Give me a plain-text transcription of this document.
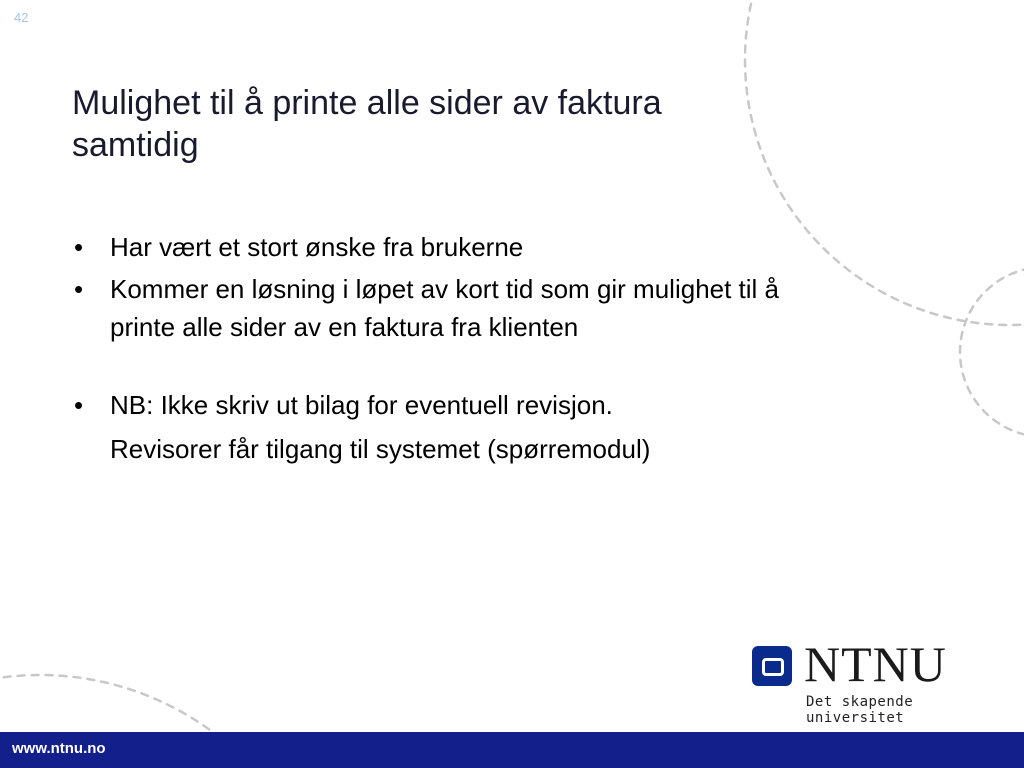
42
Mulighet til å printe alle sider av faktura samtidig
• Har vært et stort ønske fra brukerne
• Kommer en løsning i løpet av kort tid som gir mulighet til å printe alle sider av en faktura fra klienten
• NB: Ikke skriv ut bilag for eventuell revisjon.
Revisorer får tilgang til systemet (spørremodul)
NTNU
Det skapende universitet
www.ntnu.no
